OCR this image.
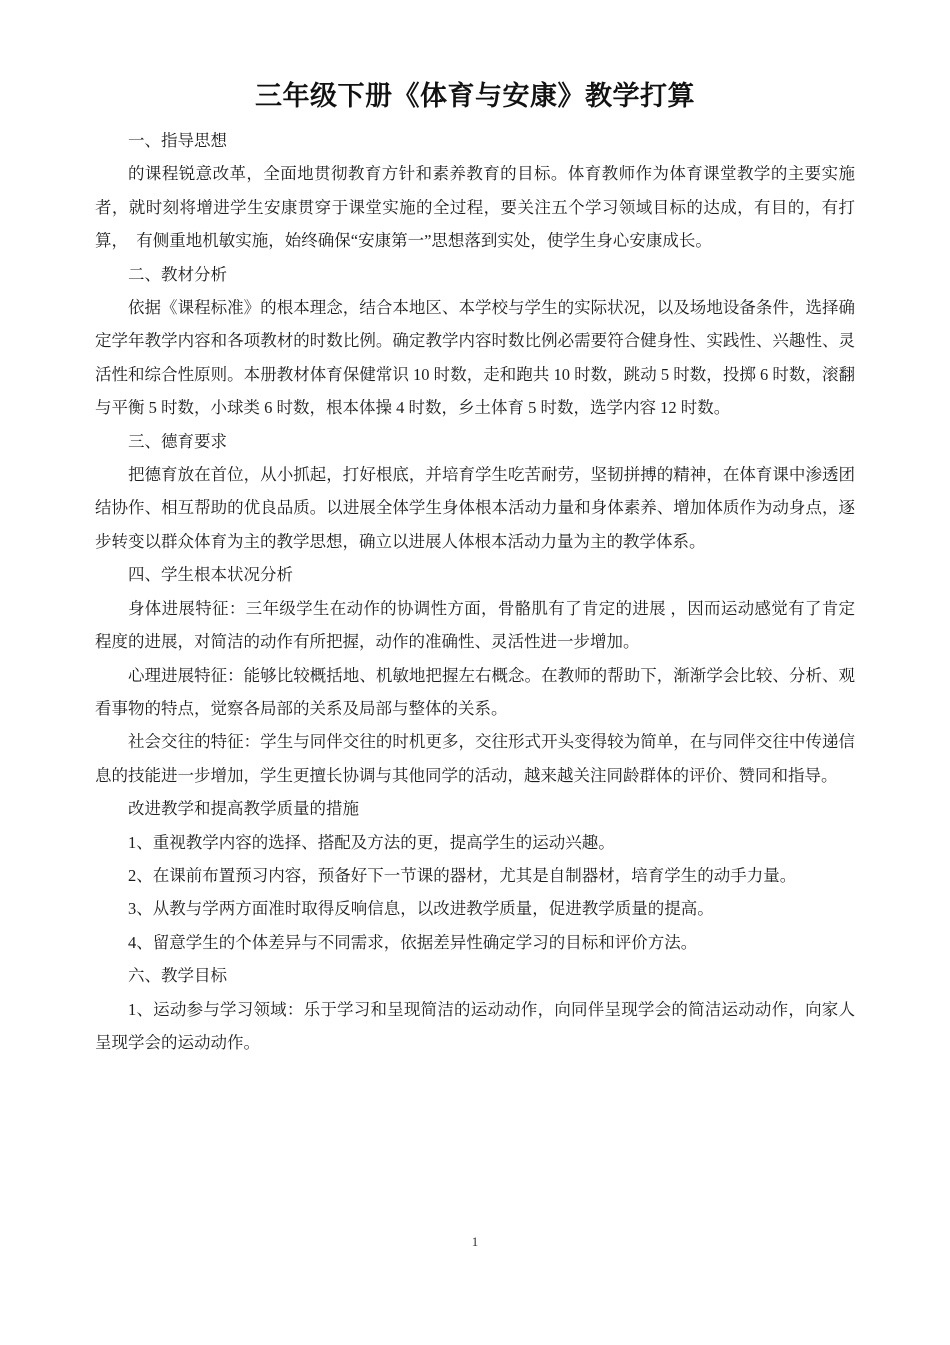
三年级下册《体育与安康》教学打算

一、指导思想

的课程锐意改革，全面地贯彻教育方针和素养教育的目标。体育教师作为体育课堂教学的主要实施者，就时刻将增进学生安康贯穿于课堂实施的全过程，要关注五个学习领域目标的达成，有目的，有打算，　有侧重地机敏实施，始终确保“安康第一”思想落到实处，使学生身心安康成长。

二、教材分析

依据《课程标准》的根本理念，结合本地区、本学校与学生的实际状况，以及场地设备条件，选择确定学年教学内容和各项教材的时数比例。确定教学内容时数比例必需要符合健身性、实践性、兴趣性、灵活性和综合性原则。本册教材体育保健常识 10 时数，走和跑共 10 时数，跳动 5 时数，投掷 6 时数，滚翻与平衡 5 时数，小球类 6 时数，根本体操 4 时数，乡土体育 5 时数，选学内容 12 时数。

三、德育要求

把德育放在首位，从小抓起，打好根底，并培育学生吃苦耐劳，坚韧拼搏的精神，在体育课中渗透团结协作、相互帮助的优良品质。以进展全体学生身体根本活动力量和身体素养、增加体质作为动身点，逐步转变以群众体育为主的教学思想，确立以进展人体根本活动力量为主的教学体系。

四、学生根本状况分析

身体进展特征：三年级学生在动作的协调性方面，骨骼肌有了肯定的进展 ，因而运动感觉有了肯定程度的进展，对简洁的动作有所把握，动作的准确性、灵活性进一步增加。

心理进展特征：能够比较概括地、机敏地把握左右概念。在教师的帮助下，渐渐学会比较、分析、观看事物的特点，觉察各局部的关系及局部与整体的关系。

社会交往的特征：学生与同伴交往的时机更多，交往形式开头变得较为简单，在与同伴交往中传递信息的技能进一步增加，学生更擅长协调与其他同学的活动，越来越关注同龄群体的评价、赞同和指导。

改进教学和提高教学质量的措施

1、重视教学内容的选择、搭配及方法的更，提高学生的运动兴趣。

2、在课前布置预习内容，预备好下一节课的器材，尤其是自制器材，培育学生的动手力量。

3、从教与学两方面准时取得反响信息，以改进教学质量，促进教学质量的提高。

4、留意学生的个体差异与不同需求，依据差异性确定学习的目标和评价方法。

六、教学目标

1、运动参与学习领域：乐于学习和呈现简洁的运动动作，向同伴呈现学会的简洁运动动作，向家人呈现学会的运动动作。

1
